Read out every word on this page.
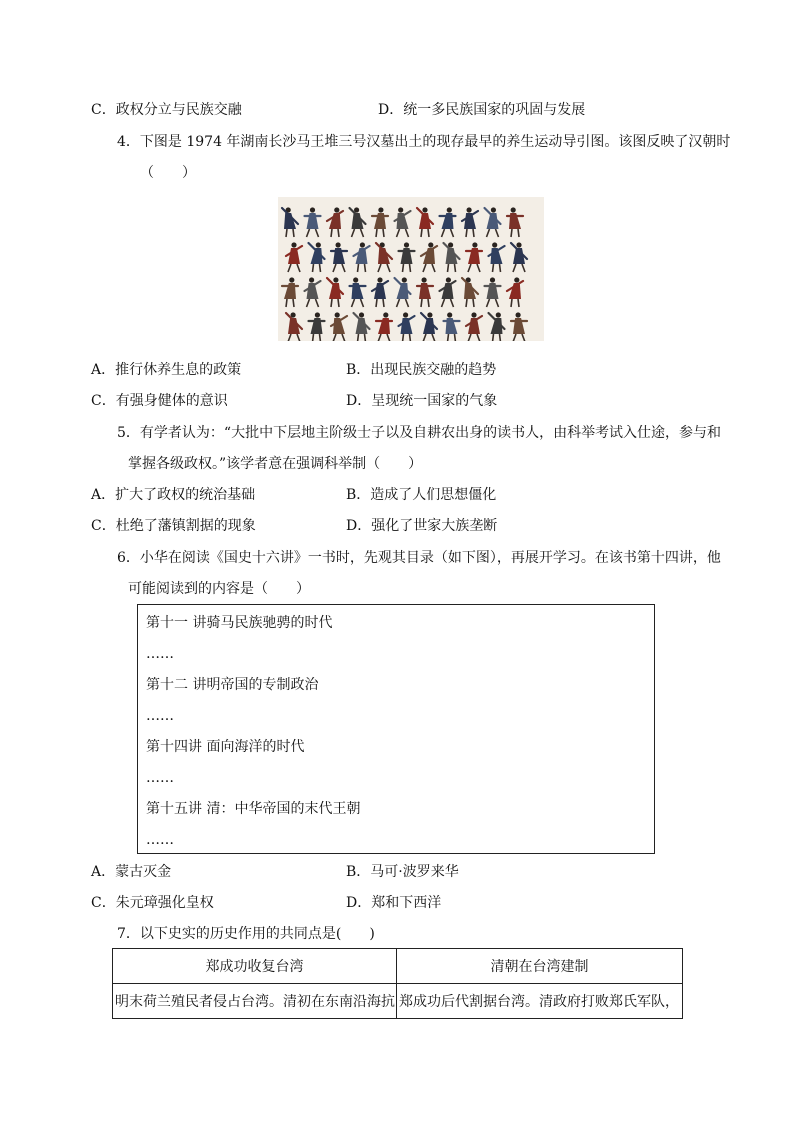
C．政权分立与民族交融	D．统一多民族国家的巩固与发展
4．下图是 1974 年湖南长沙马王堆三号汉墓出土的现存最早的养生运动导引图。该图反映了汉朝时
（　　）
A．推行休养生息的政策	B．出现民族交融的趋势
C．有强身健体的意识	D．呈现统一国家的气象
5．有学者认为：“大批中下层地主阶级士子以及自耕农出身的读书人，由科举考试入仕途，参与和
掌握各级政权。”该学者意在强调科举制（　　）
A．扩大了政权的统治基础	B．造成了人们思想僵化
C．杜绝了藩镇割据的现象	D．强化了世家大族垄断
6．小华在阅读《国史十六讲》一书时，先观其目录（如下图），再展开学习。在该书第十四讲，他
可能阅读到的内容是（　　）
第十一 讲骑马民族驰骋的时代
……
第十二 讲明帝国的专制政治
……
第十四讲 面向海洋的时代
……
第十五讲 清：中华帝国的末代王朝
……
A．蒙古灭金	B．马可·波罗来华
C．朱元璋强化皇权	D．郑和下西洋
7．以下史实的历史作用的共同点是(　　)
郑成功收复台湾	清朝在台湾建制
明末荷兰殖民者侵占台湾。清初在东南沿海抗	郑成功后代割据台湾。清政府打败郑氏军队，
